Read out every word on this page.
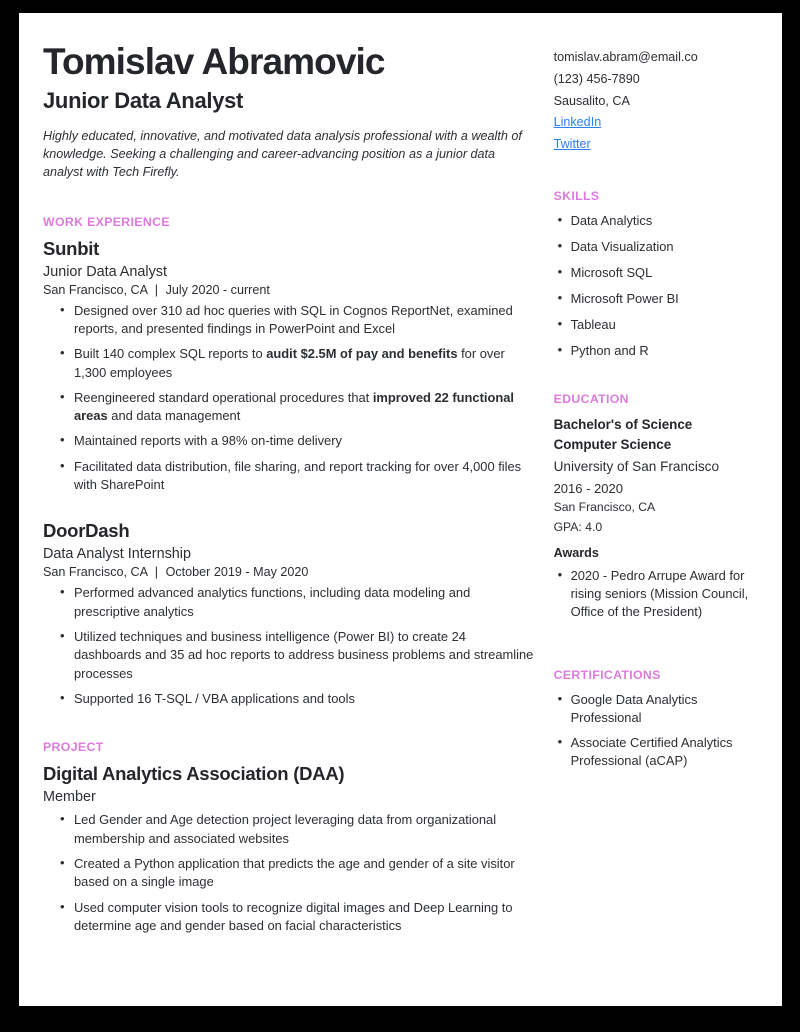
Tomislav Abramovic
Junior Data Analyst

Highly educated, innovative, and motivated data analysis professional with a wealth of knowledge. Seeking a challenging and career-advancing position as a junior data analyst with Tech Firefly.

WORK EXPERIENCE
Sunbit
Junior Data Analyst
San Francisco, CA | July 2020 - current
• Designed over 310 ad hoc queries with SQL in Cognos ReportNet, examined reports, and presented findings in PowerPoint and Excel
• Built 140 complex SQL reports to audit $2.5M of pay and benefits for over 1,300 employees
• Reengineered standard operational procedures that improved 22 functional areas and data management
• Maintained reports with a 98% on-time delivery
• Facilitated data distribution, file sharing, and report tracking for over 4,000 files with SharePoint
DoorDash
Data Analyst Internship
San Francisco, CA | October 2019 - May 2020
• Performed advanced analytics functions, including data modeling and prescriptive analytics
• Utilized techniques and business intelligence (Power BI) to create 24 dashboards and 35 ad hoc reports to address business problems and streamline processes
• Supported 16 T-SQL / VBA applications and tools
PROJECT
Digital Analytics Association (DAA)
Member
• Led Gender and Age detection project leveraging data from organizational membership and associated websites
• Created a Python application that predicts the age and gender of a site visitor based on a single image
• Used computer vision tools to recognize digital images and Deep Learning to determine age and gender based on facial characteristics
tomislav.abram@email.co
(123) 456-7890
Sausalito, CA
LinkedIn
Twitter
SKILLS
• Data Analytics
• Data Visualization
• Microsoft SQL
• Microsoft Power BI
• Tableau
• Python and R
EDUCATION
Bachelor's of Science
Computer Science
University of San Francisco
2016 - 2020
San Francisco, CA
GPA: 4.0
Awards
• 2020 - Pedro Arrupe Award for rising seniors (Mission Council, Office of the President)
CERTIFICATIONS
• Google Data Analytics Professional
• Associate Certified Analytics Professional (aCAP)
